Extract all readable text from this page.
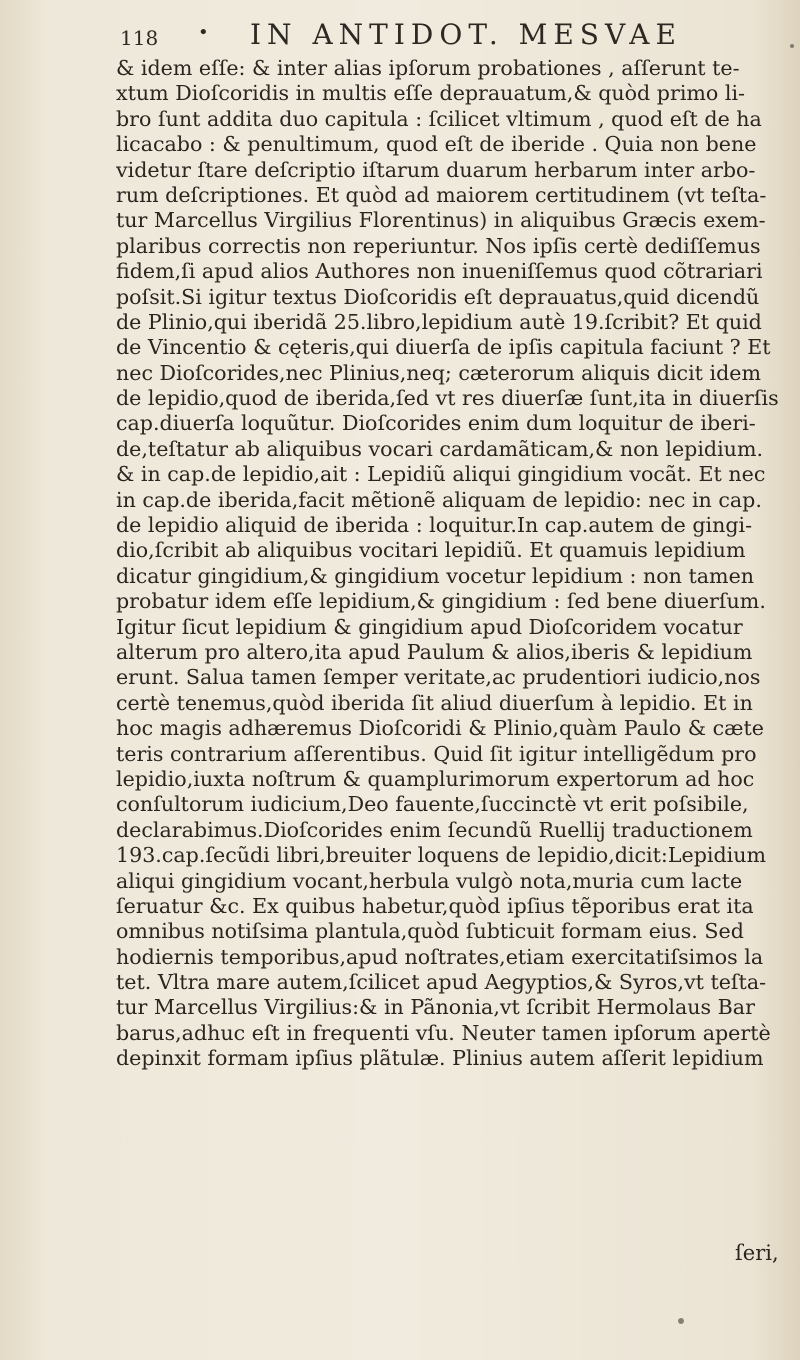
118 • IN ANTIDOT. MESVAE
& idem eſſe: & inter alias ipſorum probationes , aſſerunt te-
xtum Dioſcoridis in multis eſſe deprauatum,& quòd primo li-
bro ſunt addita duo capitula : ſcilicet vltimum , quod eſt de ha
licacabo : & penultimum, quod eſt de iberide . Quia non bene
videtur ſtare deſcriptio iſtarum duarum herbarum inter arbo-
rum deſcriptiones. Et quòd ad maiorem certitudinem (vt teſta-
tur Marcellus Virgilius Florentinus) in aliquibus Græcis exem-
plaribus correctis non reperiuntur. Nos ipſis certè dediſſemus
fidem,ſi apud alios Authores non inueniſſemus quod cõtrariari
poſsit.Si igitur textus Dioſcoridis eſt deprauatus,quid dicendũ
de Plinio,qui iberidã 25.libro,lepidium autè 19.ſcribit? Et quid
de Vincentio & cęteris,qui diuerſa de ipſis capitula faciunt ? Et
nec Dioſcorides,nec Plinius,neq; cæterorum aliquis dicit idem
de lepidio,quod de iberida,ſed vt res diuerſæ ſunt,ita in diuerſis
cap.diuerſa loquũtur. Dioſcorides enim dum loquitur de iberi-
de,teſtatur ab aliquibus vocari cardamãticam,& non lepidium.
& in cap.de lepidio,ait : Lepidiũ aliqui gingidium vocãt. Et nec
in cap.de iberida,facit mẽtionẽ aliquam de lepidio: nec in cap.
de lepidio aliquid de iberida : loquitur.In cap.autem de gingi-
dio,ſcribit ab aliquibus vocitari lepidiũ. Et quamuis lepidium
dicatur gingidium,& gingidium vocetur lepidium : non tamen
probatur idem eſſe lepidium,& gingidium : ſed bene diuerſum.
Igitur ſicut lepidium & gingidium apud Dioſcoridem vocatur
alterum pro altero,ita apud Paulum & alios,iberis & lepidium
erunt. Salua tamen ſemper veritate,ac prudentiori iudicio,nos
certè tenemus,quòd iberida ſit aliud diuerſum à lepidio. Et in
hoc magis adhæremus Dioſcoridi & Plinio,quàm Paulo & cæte
teris contrarium aſſerentibus. Quid ſit igitur intelligẽdum pro
lepidio,iuxta noſtrum & quamplurimorum expertorum ad hoc
conſultorum iudicium,Deo fauente,ſuccinctè vt erit poſsibile,
declarabimus.Dioſcorides enim ſecundũ Ruellij traductionem
193.cap.ſecũdi libri,breuiter loquens de lepidio,dicit:Lepidium
aliqui gingidium vocant,herbula vulgò nota,muria cum lacte
ſeruatur &c. Ex quibus habetur,quòd ipſius tẽporibus erat ita
omnibus notiſsima plantula,quòd ſubticuit formam eius. Sed
hodiernis temporibus,apud noſtrates,etiam exercitatiſsimos la
tet. Vltra mare autem,ſcilicet apud Aegyptios,& Syros,vt teſta-
tur Marcellus Virgilius:& in Pãnonia,vt ſcribit Hermolaus Bar
barus,adhuc eſt in frequenti vſu. Neuter tamen ipſorum apertè
depinxit formam ipſius plãtulæ. Plinius autem aſſerit lepidium
ſeri,
